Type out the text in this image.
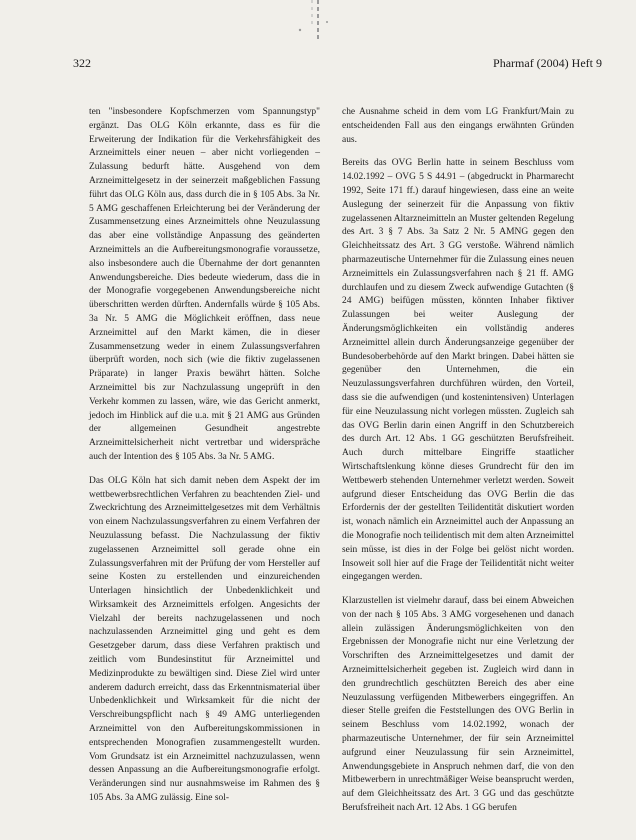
322	Pharmaf (2004) Heft 9

ten "insbesondere Kopfschmerzen vom Spannungstyp" ergänzt. Das OLG Köln erkannte, dass es für die Erweiterung der Indikation für die Verkehrsfähigkeit des Arzneimittels einer neuen – aber nicht vorliegenden – Zulassung bedurft hätte. Ausgehend von dem Arzneimittelgesetz in der seinerzeit maßgeblichen Fassung führt das OLG Köln aus, dass durch die in § 105 Abs. 3a Nr. 5 AMG geschaffenen Erleichterung bei der Veränderung der Zusammensetzung eines Arzneimittels ohne Neuzulassung das aber eine vollständige Anpassung des geänderten Arzneimittels an die Aufbereitungsmonografie voraussetze, also insbesondere auch die Übernahme der dort genannten Anwendungsbereiche. Dies bedeute wiederum, dass die in der Monografie vorgegebenen Anwendungsbereiche nicht überschritten werden dürften. Andernfalls würde § 105 Abs. 3a Nr. 5 AMG die Möglichkeit eröffnen, dass neue Arzneimittel auf den Markt kämen, die in dieser Zusammensetzung weder in einem Zulassungsverfahren überprüft worden, noch sich (wie die fiktiv zugelassenen Präparate) in langer Praxis bewährt hätten. Solche Arzneimittel bis zur Nachzulassung ungeprüft in den Verkehr kommen zu lassen, wäre, wie das Gericht anmerkt, jedoch im Hinblick auf die u.a. mit § 21 AMG aus Gründen der allgemeinen Gesundheit angestrebte Arzneimittelsicherheit nicht vertretbar und widerspräche auch der Intention des § 105 Abs. 3a Nr. 5 AMG.

Das OLG Köln hat sich damit neben dem Aspekt der im wettbewerbsrechtlichen Verfahren zu beachtenden Ziel- und Zweckrichtung des Arzneimittelgesetzes mit dem Verhältnis von einem Nachzulassungsverfahren zu einem Verfahren der Neuzulassung befasst. Die Nachzulassung der fiktiv zugelassenen Arzneimittel soll gerade ohne ein Zulassungsverfahren mit der Prüfung der vom Hersteller auf seine Kosten zu erstellenden und einzureichenden Unterlagen hinsichtlich der Unbedenklichkeit und Wirksamkeit des Arzneimittels erfolgen. Angesichts der Vielzahl der bereits nachzugelassenen und noch nachzulassenden Arzneimittel ging und geht es dem Gesetzgeber darum, dass diese Verfahren praktisch und zeitlich vom Bundesinstitut für Arzneimittel und Medizinprodukte zu bewältigen sind. Diese Ziel wird unter anderem dadurch erreicht, dass das Erkenntnismaterial über Unbedenklichkeit und Wirksamkeit für die nicht der Verschreibungspflicht nach § 49 AMG unterliegenden Arzneimittel von den Aufbereitungskommissionen in entsprechenden Monografien zusammengestellt wurden. Vom Grundsatz ist ein Arzneimittel nachzuzulassen, wenn dessen Anpassung an die Aufbereitungsmonografie erfolgt. Veränderungen sind nur ausnahmsweise im Rahmen des § 105 Abs. 3a AMG zulässig. Eine sol-

che Ausnahme scheid in dem vom LG Frankfurt/Main zu entscheidenden Fall aus den eingangs erwähnten Gründen aus.

Bereits das OVG Berlin hatte in seinem Beschluss vom 14.02.1992 – OVG 5 S 44.91 – (abgedruckt in Pharmarecht 1992, Seite 171 ff.) darauf hingewiesen, dass eine an weite Auslegung der seinerzeit für die Anpassung von fiktiv zugelassenen Altarzneimitteln an Muster geltenden Regelung des Art. 3 § 7 Abs. 3a Satz 2 Nr. 5 AMNG gegen den Gleichheitssatz des Art. 3 GG verstoße. Während nämlich pharmazeutische Unternehmer für die Zulassung eines neuen Arzneimittels ein Zulassungsverfahren nach § 21 ff. AMG durchlaufen und zu diesem Zweck aufwendige Gutachten (§ 24 AMG) beifügen müssten, könnten Inhaber fiktiver Zulassungen bei weiter Auslegung der Änderungsmöglichkeiten ein vollständig anderes Arzneimittel allein durch Änderungsanzeige gegenüber der Bundesoberbehörde auf den Markt bringen. Dabei hätten sie gegenüber den Unternehmen, die ein Neuzulassungsverfahren durchführen würden, den Vorteil, dass sie die aufwendigen (und kostenintensiven) Unterlagen für eine Neuzulassung nicht vorlegen müssten. Zugleich sah das OVG Berlin darin einen Angriff in den Schutzbereich des durch Art. 12 Abs. 1 GG geschützten Berufsfreiheit. Auch durch mittelbare Eingriffe staatlicher Wirtschaftslenkung könne dieses Grundrecht für den im Wettbewerb stehenden Unternehmer verletzt werden. Soweit aufgrund dieser Entscheidung das OVG Berlin die das Erfordernis der der gestellten Teilidentität diskutiert worden ist, wonach nämlich ein Arzneimittel auch der Anpassung an die Monografie noch teilidentisch mit dem alten Arzneimittel sein müsse, ist dies in der Folge bei gelöst nicht worden. Insoweit soll hier auf die Frage der Teilidentität nicht weiter eingegangen werden.

Klarzustellen ist vielmehr darauf, dass bei einem Abweichen von der nach § 105 Abs. 3 AMG vorgesehenen und danach allein zulässigen Änderungsmöglichkeiten von den Ergebnissen der Monografie nicht nur eine Verletzung der Vorschriften des Arzneimittelgesetzes und damit der Arzneimittelsicherheit gegeben ist. Zugleich wird dann in den grundrechtlich geschützten Bereich des aber eine Neuzulassung verfügenden Mitbewerbers eingegriffen. An dieser Stelle greifen die Feststellungen des OVG Berlin in seinem Beschluss vom 14.02.1992, wonach der pharmazeutische Unternehmer, der für sein Arzneimittel aufgrund einer Neuzulassung für sein Arzneimittel, Anwendungsgebiete in Anspruch nehmen darf, die von den Mitbewerbern in unrechtmäßiger Weise beansprucht werden, auf dem Gleichheitssatz des Art. 3 GG und das geschützte Berufsfreiheit nach Art. 12 Abs. 1 GG berufen
